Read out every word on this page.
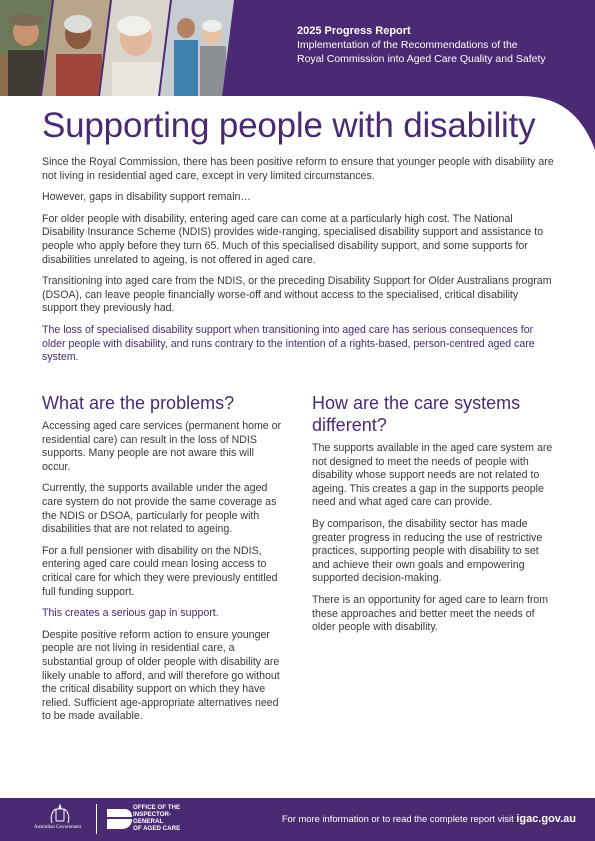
2025 Progress Report
Implementation of the Recommendations of the
Royal Commission into Aged Care Quality and Safety
Supporting people with disability

Since the Royal Commission, there has been positive reform to ensure that younger people with disability are not living in residential aged care, except in very limited circumstances.

However, gaps in disability support remain…

For older people with disability, entering aged care can come at a particularly high cost. The National Disability Insurance Scheme (NDIS) provides wide-ranging, specialised disability support and assistance to people who apply before they turn 65. Much of this specialised disability support, and some supports for disabilities unrelated to ageing, is not offered in aged care.

Transitioning into aged care from the NDIS, or the preceding Disability Support for Older Australians program (DSOA), can leave people financially worse-off and without access to the specialised, critical disability support they previously had.

The loss of specialised disability support when transitioning into aged care has serious consequences for older people with disability, and runs contrary to the intention of a rights-based, person-centred aged care system.

What are the problems?

Accessing aged care services (permanent home or residential care) can result in the loss of NDIS supports. Many people are not aware this will occur.

Currently, the supports available under the aged care system do not provide the same coverage as the NDIS or DSOA, particularly for people with disabilities that are not related to ageing.

For a full pensioner with disability on the NDIS, entering aged care could mean losing access to critical care for which they were previously entitled full funding support.

This creates a serious gap in support.

Despite positive reform action to ensure younger people are not living in residential care, a substantial group of older people with disability are likely unable to afford, and will therefore go without the critical disability support on which they have relied. Sufficient age-appropriate alternatives need to be made available.

How are the care systems different?

The supports available in the aged care system are not designed to meet the needs of people with disability whose support needs are not related to ageing. This creates a gap in the supports people need and what aged care can provide.

By comparison, the disability sector has made greater progress in reducing the use of restrictive practices, supporting people with disability to set and achieve their own goals and empowering supported decision-making.

There is an opportunity for aged care to learn from these approaches and better meet the needs of older people with disability.

Australian Government
OFFICE OF THE
INSPECTOR-
GENERAL
OF AGED CARE
For more information or to read the complete report visit igac.gov.au
